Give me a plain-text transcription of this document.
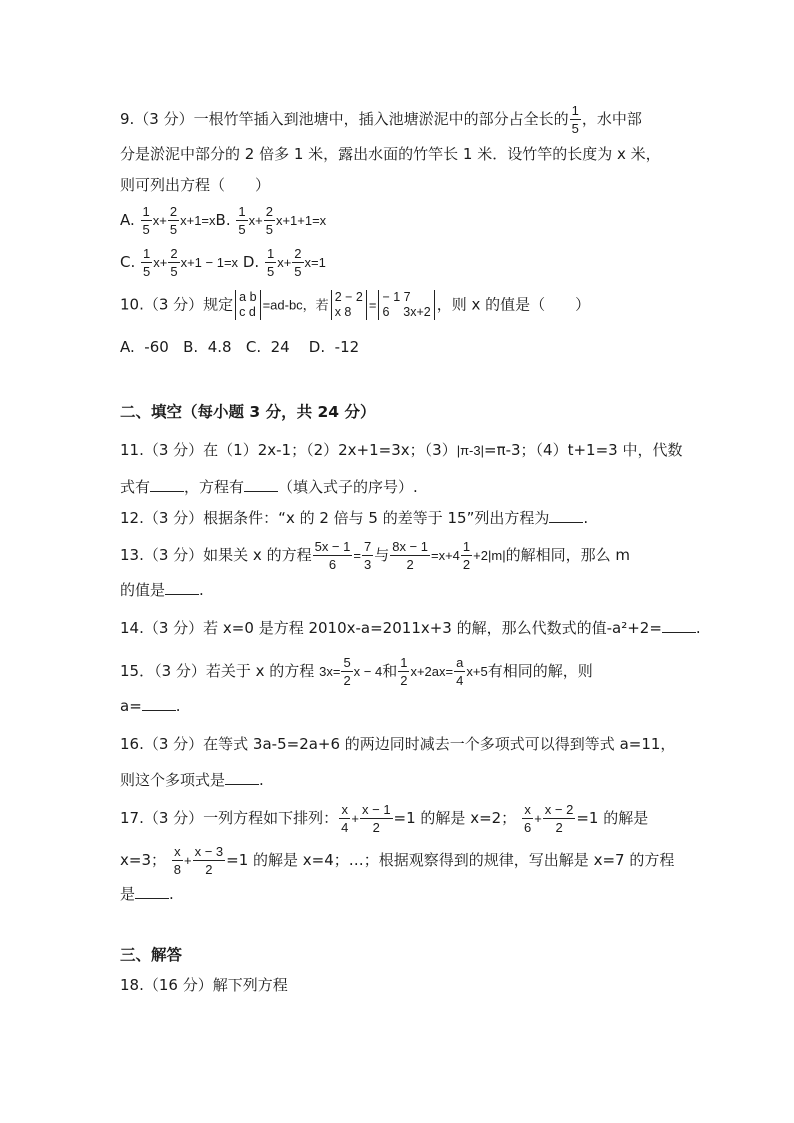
9.（3 分）一根竹竿插入到池塘中，插入池塘淤泥中的部分占全长的 $\frac{1}{5}$ ，水中部
分是淤泥中部分的 2 倍多 1 米，露出水面的竹竿长 1 米．设竹竿的长度为 x 米，
则可列出方程（　　）
A. $\frac{1}{5} x+ \frac{2}{5} x+1=xB$. $\frac{1}{5} x+ \frac{2}{5} x+1+1=x$
C. $\frac{1}{5} x+ \frac{2}{5} x+1 - 1=x$ D. $\frac{1}{5} x+ \frac{2}{5} x=1$
10.（3 分）规定 a b
c d =ad-bc，若
2 − 2
x 8	=
− 1 7
6    3x+2 ，则 x 的值是（　　）
A.  -60   B.  4.8   C.  24    D.  -12
二、填空（每小题 3 分，共 24 分）
11.（3 分）在（1）2x-1；（2）2x+1=3x；（3）|π-3|=π-3；（4）t+1=3 中，代数
式有 ，方程有 （填入式子的序号）.
12.（3 分）根据条件：“x 的 2 倍与 5 的差等于 15”列出方程为 .
13.（3 分）如果关 x 的方程 $\frac{5x - 1}{6} = \frac{7}{3}$ 与 $\frac{8x - 1}{2} =x+4 \frac{1}{2} +2|m|$的解相同，那么 m
的值是 .
14.（3 分）若 x=0 是方程 2010x-a=2011x+3 的解，那么代数式的值-a²+2= .
15．（3 分）若关于 x 的方程 $3x= \frac{5}{2}$ x − 4和 $\frac{1}{2} x+2ax= \frac{a}{4} x+5$有相同的解，则
a= .
16.（3 分）在等式 3a-5=2a+6 的两边同时减去一个多项式可以得到等式 a=11，
则这个多项式是 .
17.（3 分）一列方程如下排列： $\frac{x}{4} + \frac{x - 1}{2} =1$ 的解是 x=2； $\frac{x}{6} + \frac{x - 2}{2} =1$ 的解是
x=3； $\frac{x}{8} + \frac{x - 3}{2} =1$ 的解是 x=4；…；根据观察得到的规律，写出解是 x=7 的方程
是 .
三、解答
18.（16 分）解下列方程
